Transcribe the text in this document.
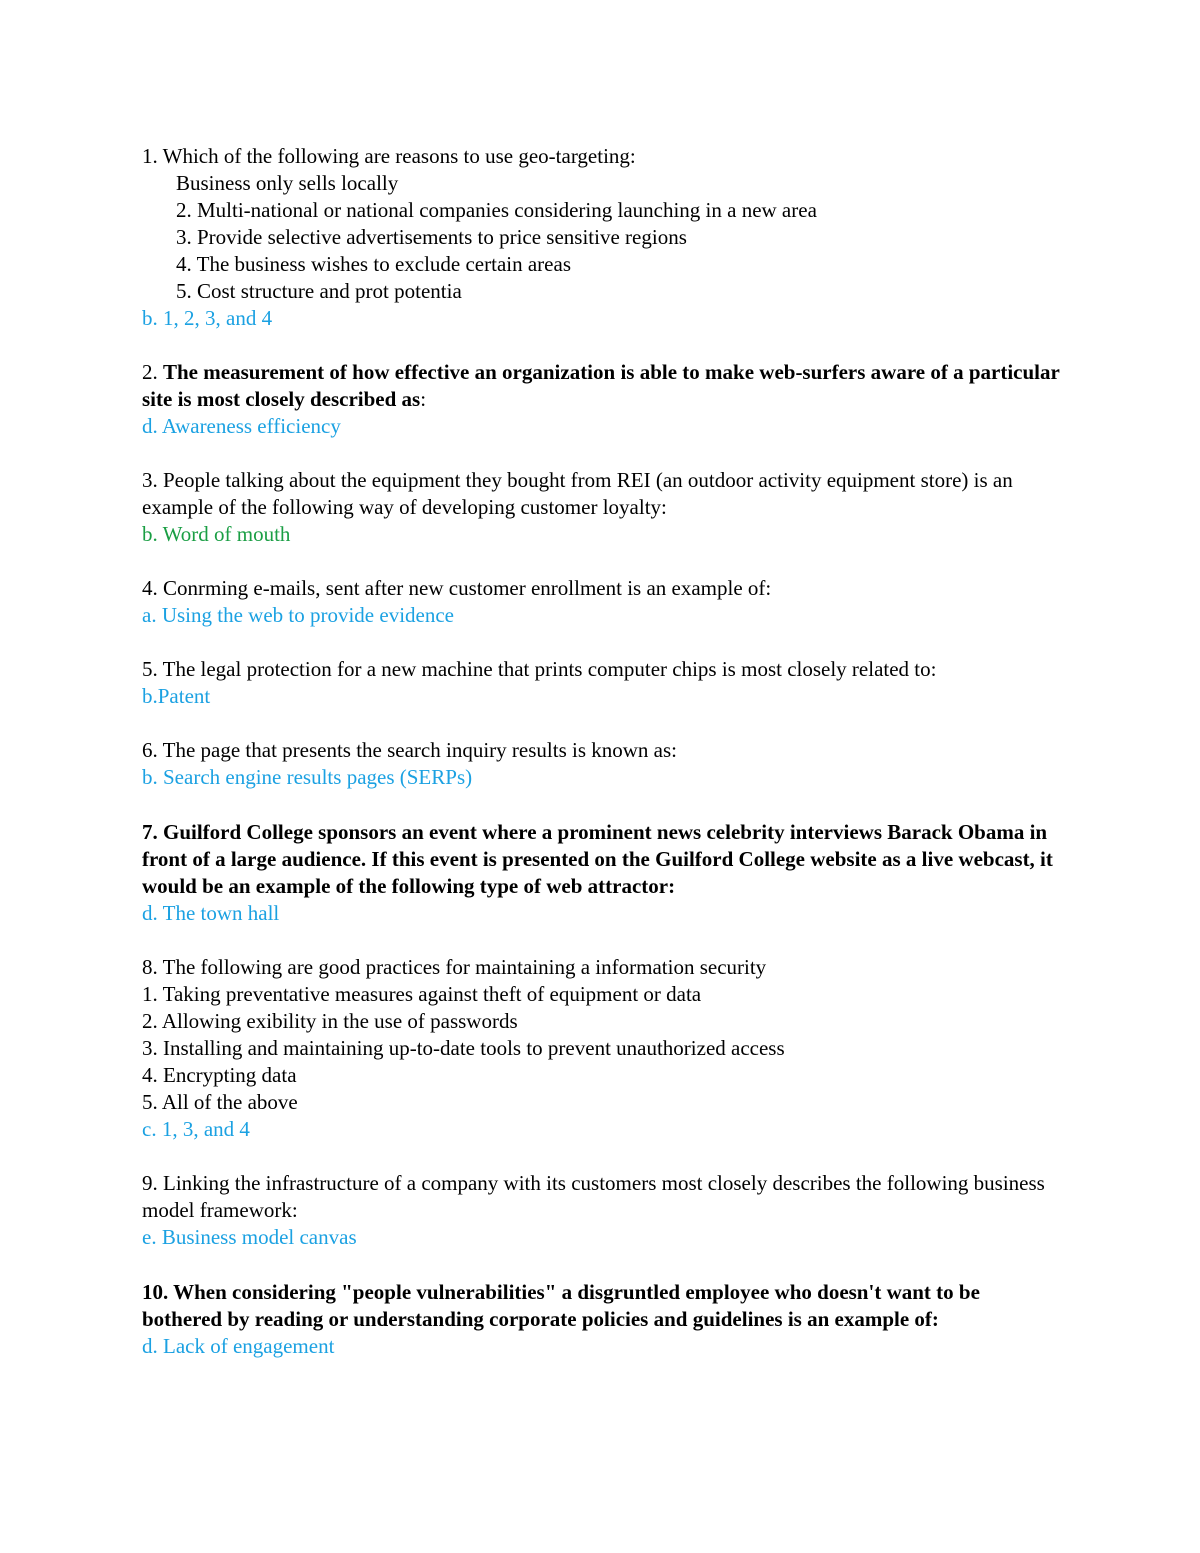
1. Which of the following are reasons to use geo-targeting:
Business only sells locally
2. Multi-national or national companies considering launching in a new area
3. Provide selective advertisements to price sensitive regions
4. The business wishes to exclude certain areas
5. Cost structure and prot potentia
b. 1, 2, 3, and 4
2. The measurement of how effective an organization is able to make web-surfers aware of a particular site is most closely described as:
d. Awareness efficiency
3. People talking about the equipment they bought from REI (an outdoor activity equipment store) is an example of the following way of developing customer loyalty:
b. Word of mouth
4. Conrming e-mails, sent after new customer enrollment is an example of:
a. Using the web to provide evidence
5. The legal protection for a new machine that prints computer chips is most closely related to:
b.Patent
6. The page that presents the search inquiry results is known as:
b. Search engine results pages (SERPs)
7. Guilford College sponsors an event where a prominent news celebrity interviews Barack Obama in front of a large audience. If this event is presented on the Guilford College website as a live webcast, it would be an example of the following type of web attractor:
d. The town hall
8. The following are good practices for maintaining a information security
1. Taking preventative measures against theft of equipment or data
2. Allowing exibility in the use of passwords
3. Installing and maintaining up-to-date tools to prevent unauthorized access
4. Encrypting data
5. All of the above
c. 1, 3, and 4
9. Linking the infrastructure of a company with its customers most closely describes the following business model framework:
e. Business model canvas
10. When considering "people vulnerabilities" a disgruntled employee who doesn't want to be bothered by reading or understanding corporate policies and guidelines is an example of:
d. Lack of engagement
